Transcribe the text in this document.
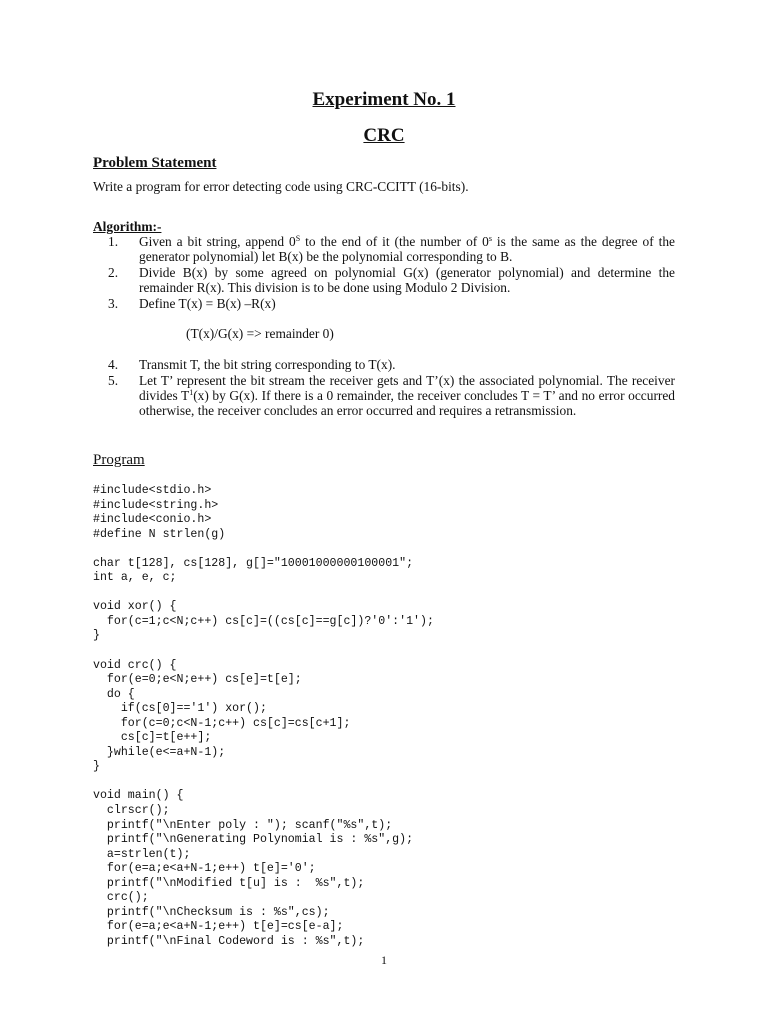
Experiment No. 1
CRC
Problem Statement
Write a program for error detecting code using CRC-CCITT (16-bits).
Algorithm:-
1.	Given a bit string, append $0^S$ to the end of it (the number of 0$^s$ is the same as the degree of the generator polynomial) let B(x) be the polynomial corresponding to B.
2.	Divide B(x) by some agreed on polynomial G(x) (generator polynomial) and determine the remainder R(x). This division is to be done using Modulo 2 Division.
3.	Define T(x) = B(x) –R(x)
(T(x)/G(x) => remainder 0)
4.	Transmit T, the bit string corresponding to T(x).
5.	Let T’ represent the bit stream the receiver gets and T’(x) the associated polynomial. The receiver divides $T^1(x)$ by G(x). If there is a 0 remainder, the receiver concludes T = T’ and no error occurred otherwise, the receiver concludes an error occurred and requires a retransmission.
Program
#include<stdio.h>
#include<string.h>
#include<conio.h>
#define N strlen(g)

char t[128], cs[128], g[]="10001000000100001";
int a, e, c;

void xor() {
for(c=1;c<N;c++) cs[c]=((cs[c]==g[c])?'0':'1');
}

void crc() {
for(e=0;e<N;e++) cs[e]=t[e];
do {
if(cs[0]=='1') xor();
for(c=0;c<N-1;c++) cs[c]=cs[c+1];
cs[c]=t[e++];
}while(e<=a+N-1);
}

void main() {
clrscr();
printf("\nEnter poly : "); scanf("%s",t);
printf("\nGenerating Polynomial is : %s",g);
a=strlen(t);
for(e=a;e<a+N-1;e++) t[e]='0';
printf("\nModified t[u] is :  %s",t);
crc();
printf("\nChecksum is : %s",cs);
for(e=a;e<a+N-1;e++) t[e]=cs[e-a];
printf("\nFinal Codeword is : %s",t);
1
